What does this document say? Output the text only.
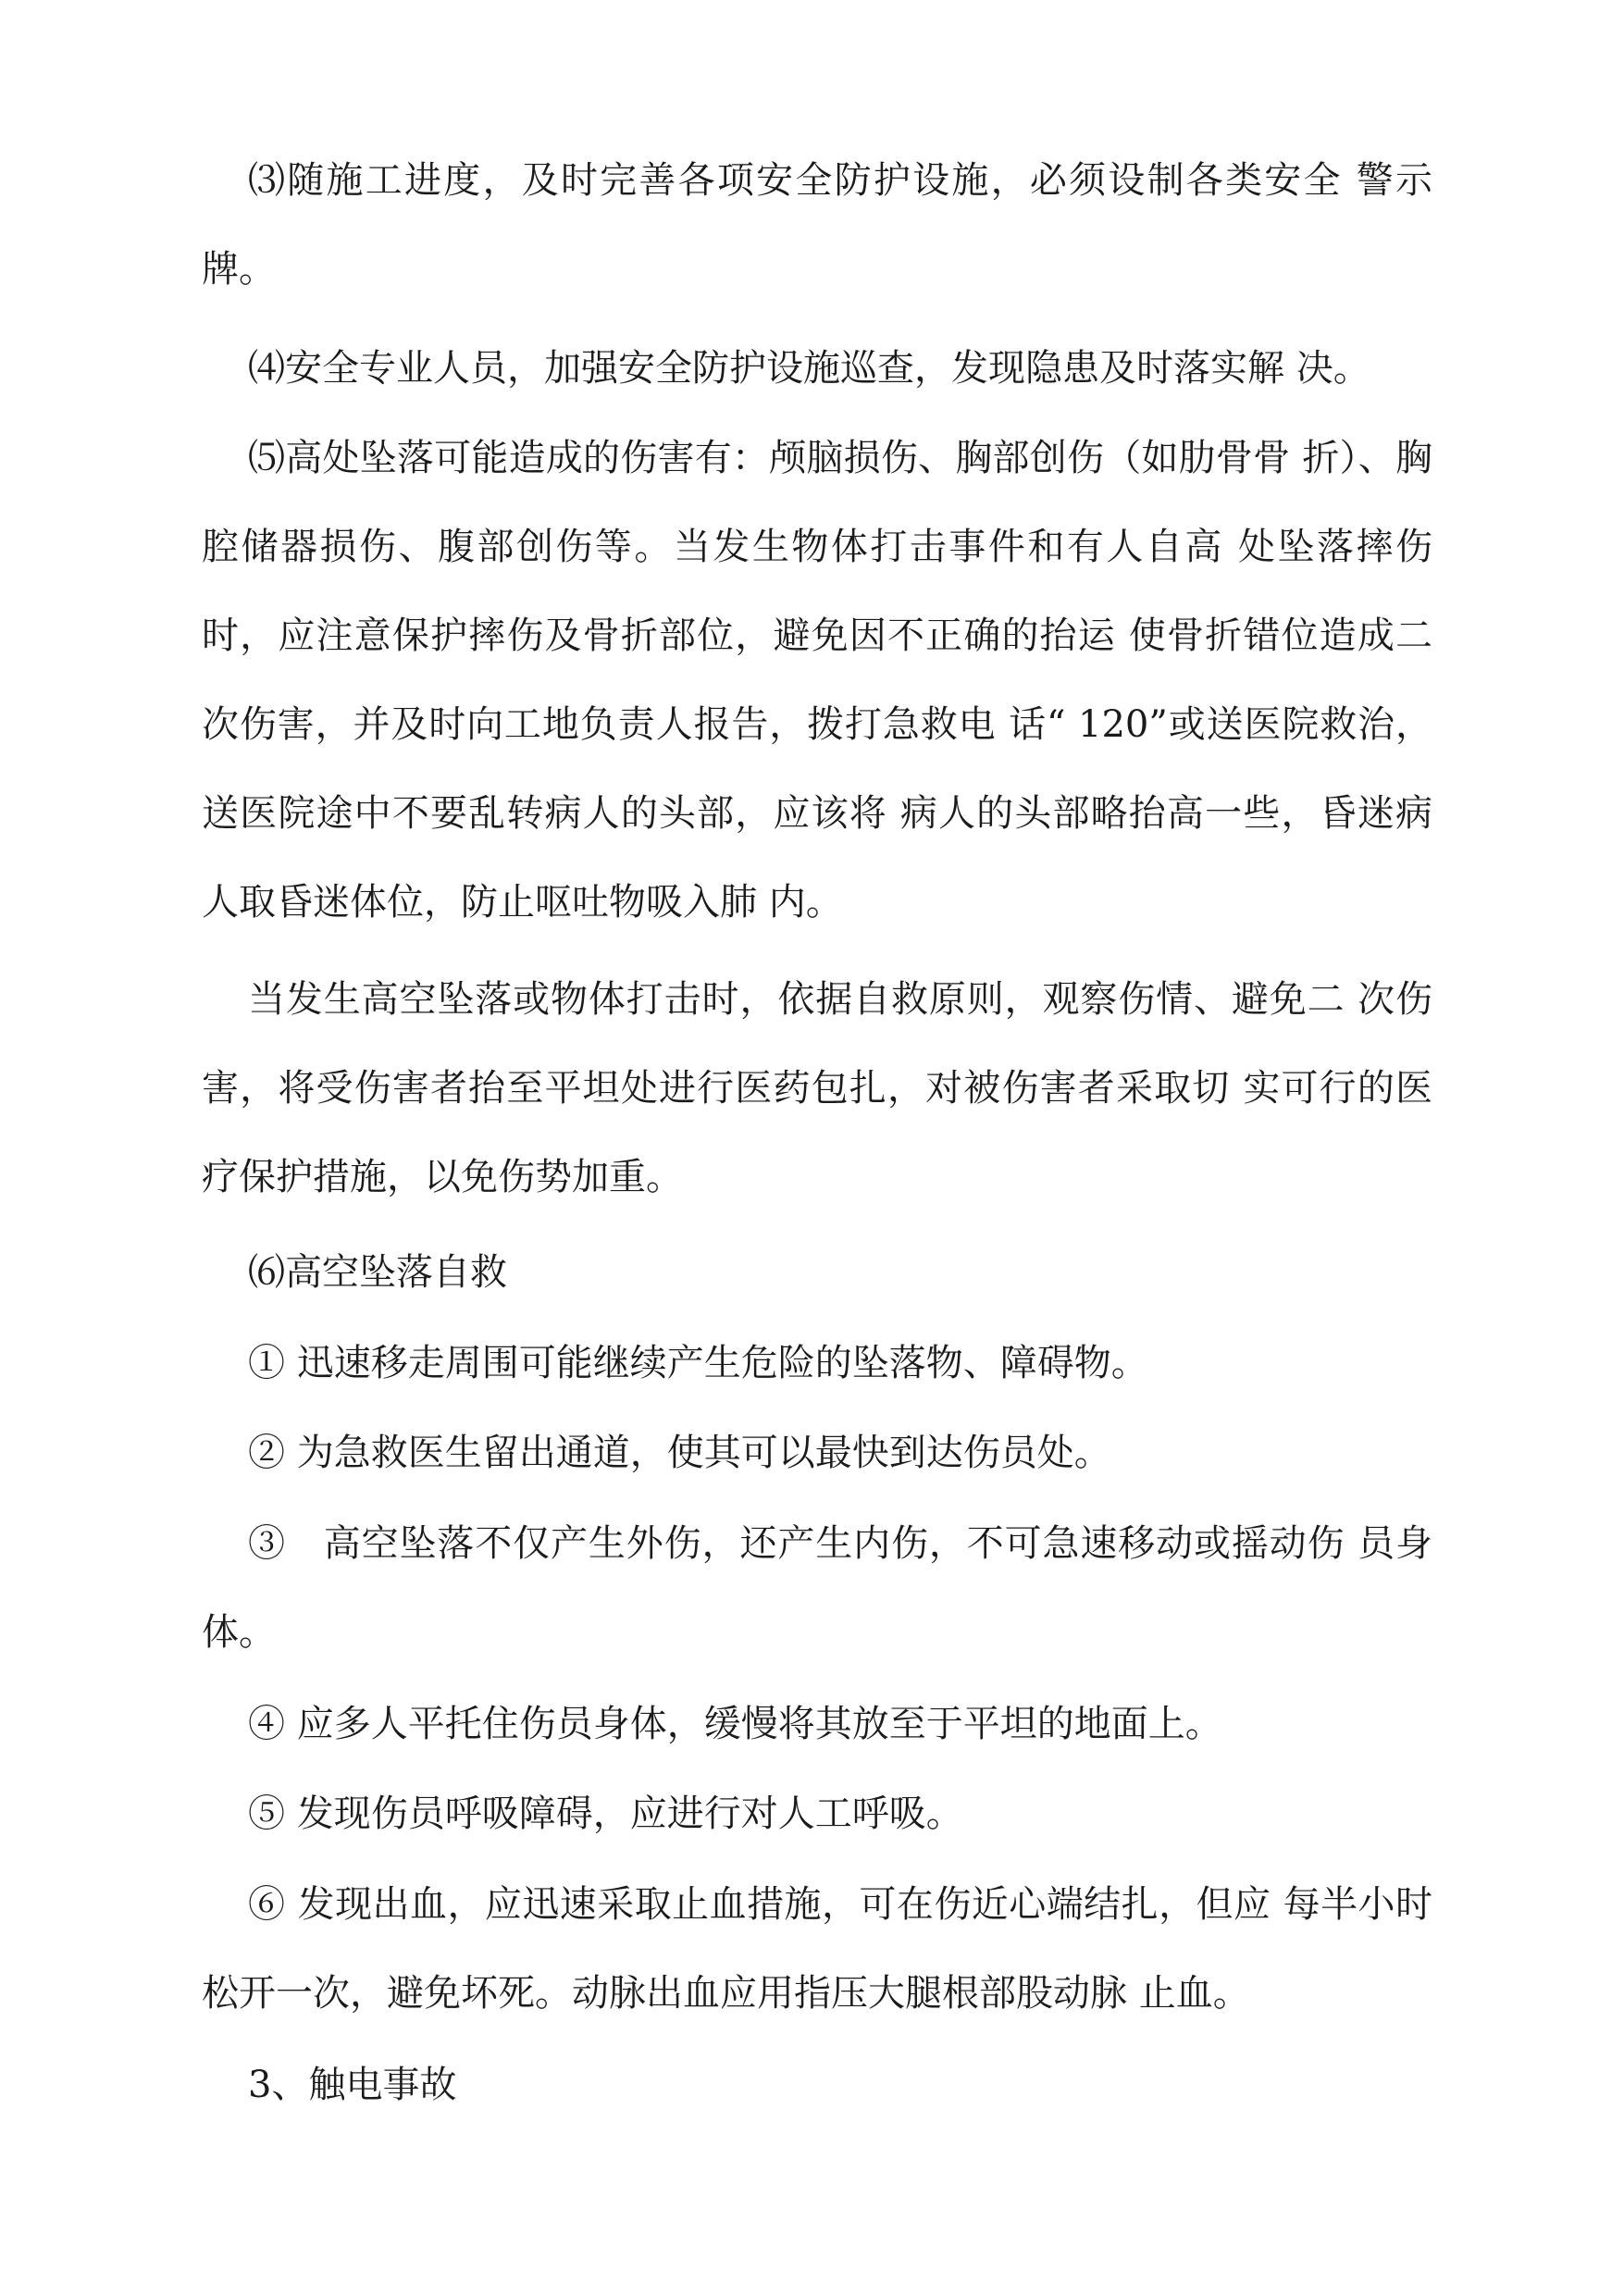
⑶随施工进度，及时完善各项安全防护设施，必须设制各类安全 警示牌。

⑷安全专业人员，加强安全防护设施巡查，发现隐患及时落实解 决。

⑸高处坠落可能造成的伤害有：颅脑损伤、胸部创伤（如肋骨骨 折）、胸腔储器损伤、腹部创伤等。当发生物体打击事件和有人自高 处坠落摔伤时，应注意保护摔伤及骨折部位，避免因不正确的抬运 使骨折错位造成二次伤害，并及时向工地负责人报告，拨打急救电 话“ 120”或送医院救治，送医院途中不要乱转病人的头部，应该将 病人的头部略抬高一些，昏迷病人取昏迷体位，防止呕吐物吸入肺 内。

当发生高空坠落或物体打击时，依据自救原则，观察伤情、避免二 次伤害，将受伤害者抬至平坦处进行医药包扎，对被伤害者采取切 实可行的医疗保护措施，以免伤势加重。

⑹高空坠落自救

① 迅速移走周围可能继续产生危险的坠落物、障碍物。

② 为急救医生留出通道，使其可以最快到达伤员处。

③　高空坠落不仅产生外伤，还产生内伤，不可急速移动或摇动伤 员身体。

④ 应多人平托住伤员身体，缓慢将其放至于平坦的地面上。

⑤ 发现伤员呼吸障碍，应进行对人工呼吸。

⑥ 发现出血，应迅速采取止血措施，可在伤近心端结扎，但应 每半小时松开一次，避免坏死。动脉出血应用指压大腿根部股动脉 止血。

3、触电事故
